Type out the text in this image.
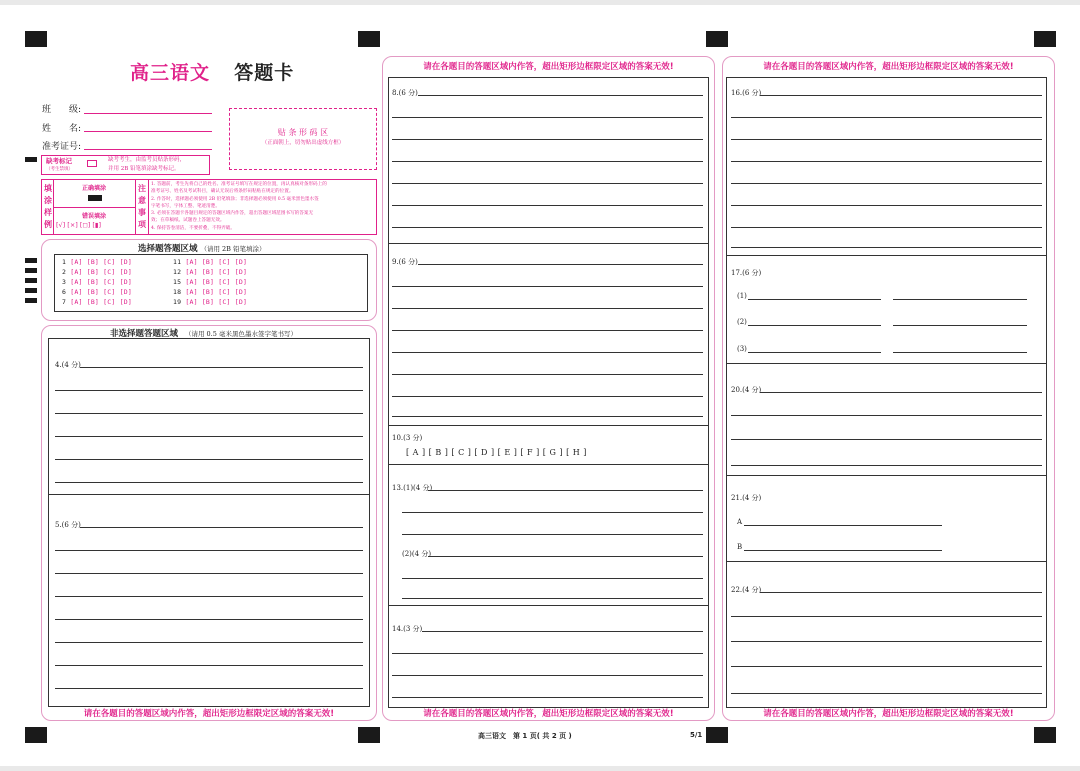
高三语文 答题卡
班　　级:
姓　　名:
准考证号:
贴 条 形 码 区
（正面朝上，切勿贴出虚线方框）
缺考标记
（考生禁填）
缺考考生，由监考员贴条形码，
并用 2B 铅笔填涂缺考标记。
填
涂
样
例
正确填涂
错误填涂
[√] [×] [◻] [▮]
注
意
事
项
1. 答题前，考生先将自己的姓名、准考证号填写在规定的位置，再认真核对条形码上的
准考证号、姓名及考试科目，确认无误后将条形码粘贴在规定的位置。
2. 作答时，选择题必须使用 2B 铅笔填涂；非选择题必须使用 0.5 毫米黑色墨水签
字笔书写，字体工整、笔迹清楚。
3. 必须在答题卡各题目规定的答题区域内作答，超出答题区域范围书写的答案无
效；在草稿纸、试题卷上答题无效。
4. 保持答卷清洁，不要折叠，不得弄破。
选择题答题区域 （请用 2B 铅笔填涂）
1 [A] [B] [C] [D]
2 [A] [B] [C] [D]
3 [A] [B] [C] [D]
6 [A] [B] [C] [D]
7 [A] [B] [C] [D]
11 [A] [B] [C] [D]
12 [A] [B] [C] [D]
15 [A] [B] [C] [D]
18 [A] [B] [C] [D]
19 [A] [B] [C] [D]
非选择题答题区域 （请用 0.5 毫米黑色墨水签字笔书写）
4.(4 分)
5.(6 分)
请在各题目的答题区域内作答，超出矩形边框限定区域的答案无效!
请在各题目的答题区域内作答，超出矩形边框限定区域的答案无效!
8.(6 分)
9.(6 分)
10.(3 分)
[ A ] [ B ] [ C ] [ D ] [ E ] [ F ] [ G ] [ H ]
13.(1)(4 分)
(2)(4 分)
14.(3 分)
请在各题目的答题区域内作答，超出矩形边框限定区域的答案无效!
请在各题目的答题区域内作答，超出矩形边框限定区域的答案无效!
16.(6 分)
17.(6 分)
(1)
(2)
(3)
20.(4 分)
21.(4 分)
A
B
22.(4 分)
请在各题目的答题区域内作答，超出矩形边框限定区域的答案无效!
高三语文　第 1 页( 共 2 页 )	5/1
